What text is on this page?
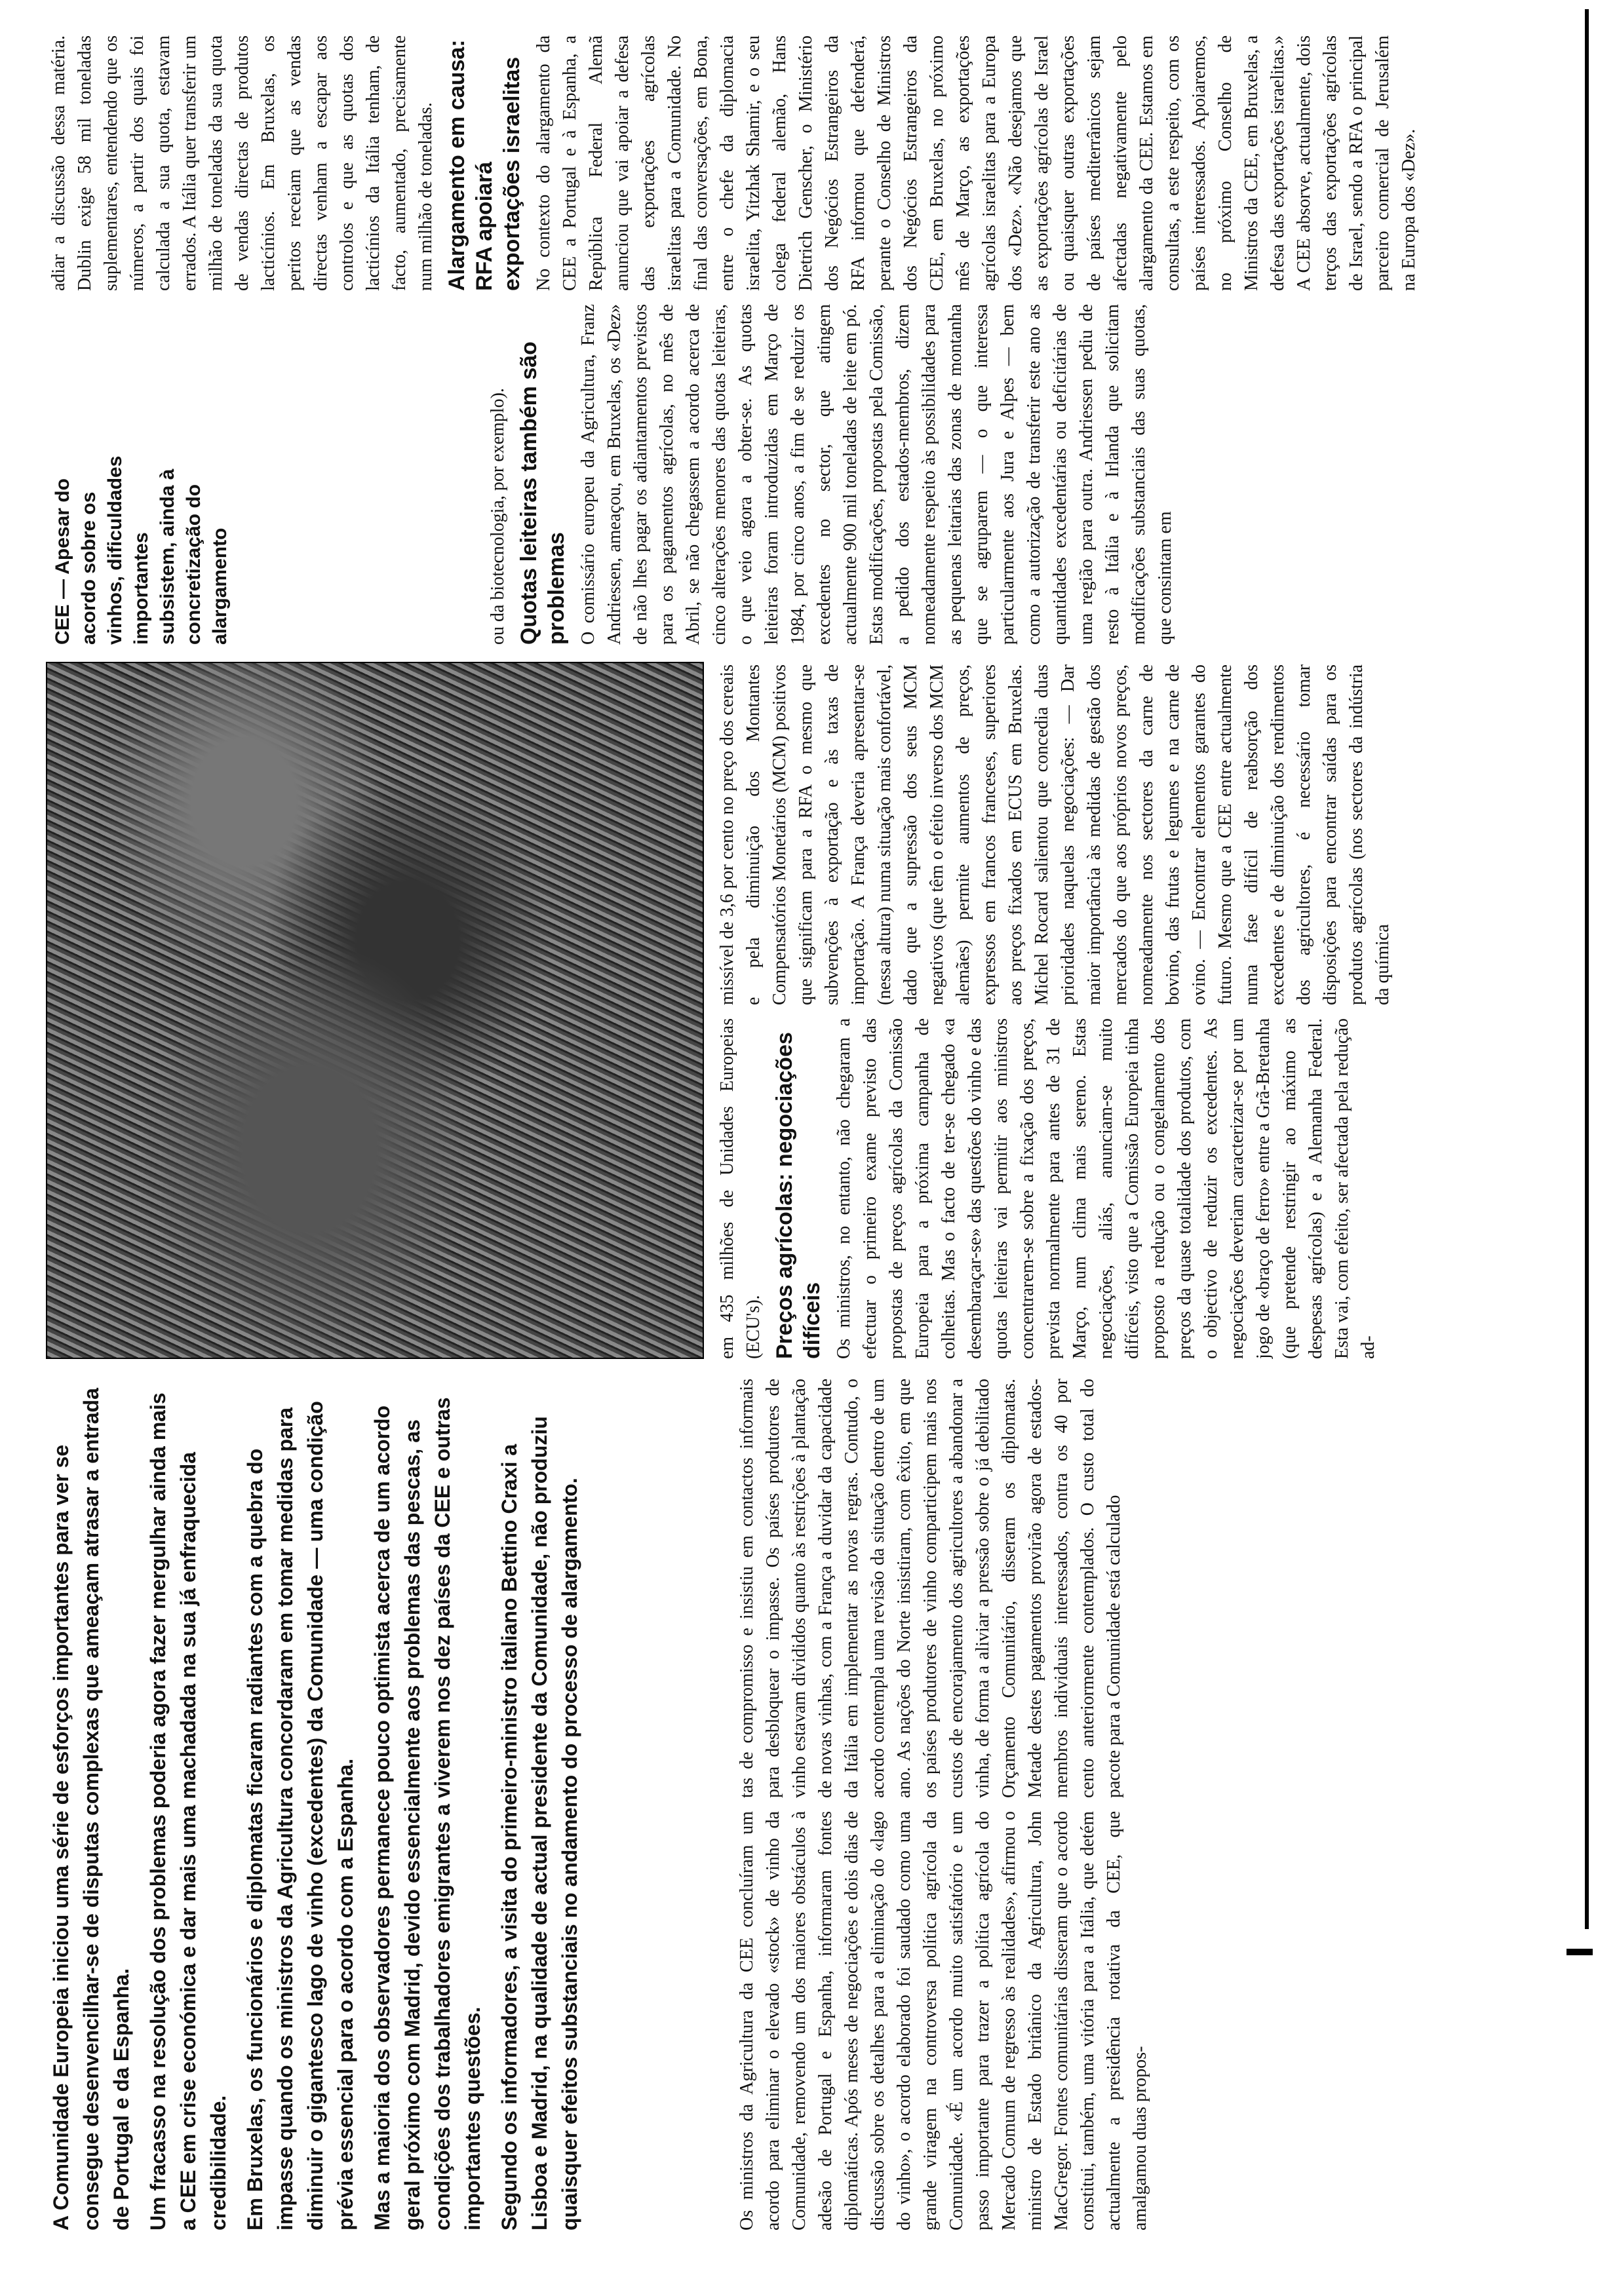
A Comunidade Europeia iniciou uma série de esforços importantes para ver se consegue desenvencilhar-se de disputas complexas que ameaçam atrasar a entrada de Portugal e da Espanha. Um fracasso na resolução dos problemas poderia agora fazer mergulhar ainda mais a CEE em crise económica e dar mais uma machadada na sua já enfraquecida credibilidade. Em Bruxelas, os funcionários e diplomatas ficaram radiantes com a quebra do impasse quando os ministros da Agricultura concordaram em tomar medidas para diminuir o gigantesco lago de vinho (excedentes) da Comunidade — uma condição prévia essencial para o acordo com a Espanha. Mas a maioria dos observadores permanece pouco optimista acerca de um acordo geral próximo com Madrid, devido essencialmente aos problemas das pescas, as condições dos trabalhadores emigrantes a viverem nos dez países da CEE e outras importantes questões. Segundo os informadores, a visita do primeiro-ministro italiano Bettino Craxi a Lisboa e Madrid, na qualidade de actual presidente da Comunidade, não produziu quaisquer efeitos substanciais no andamento do processo de alargamento.	Os ministros da Agricultura da CEE concluíram um acordo para eliminar o elevado «stock» de vinho da Comunidade, removendo um dos maiores obstáculos à adesão de Portugal e Espanha, informaram fontes diplomáticas. Após meses de negociações e dois dias de discussão sobre os detalhes para a eliminação do «lago do vinho», o acordo elaborado foi saudado como uma grande viragem na controversa política agrícola da Comunidade. «É um acordo muito satisfatório e um passo importante para trazer a política agrícola do Mercado Comum de regresso às realidades», afirmou o ministro de Estado britânico da Agricultura, John MacGregor. Fontes comunitárias disseram que o acordo constitui, também, uma vitória para a Itália, que detém actualmente a presidência rotativa da CEE, que amalgamou duas propos-

tas de compromisso e insistiu em contactos informais para desbloquear o impasse. Os países produtores de vinho estavam divididos quanto às restrições à plantação de novas vinhas, com a França a duvidar da capacidade da Itália em implementar as novas regras. Contudo, o acordo contempla uma revisão da situação dentro de um ano. As nações do Norte insistiram, com êxito, em que os países produtores de vinho comparticipem mais nos custos de encorajamento dos agricultores a abandonar a vinha, de forma a aliviar a pressão sobre o já debilitado Orçamento Comunitário, disseram os diplomatas. Metade destes pagamentos provirão agora de estados-membros individuais interessados, contra os 40 por cento anteriormente contemplados. O custo total do pacote para a Comunidade está calculado

em 435 milhões de Unidades Europeias (ECU's). Preços agrícolas: negociações difíceis Os ministros, no entanto, não chegaram a efectuar o primeiro exame previsto das propostas de preços agrícolas da Comissão Europeia para a próxima campanha de colheitas. Mas o facto de ter-se chegado «a desembaraçar-se» das questões do vinho e das quotas leiteiras vai permitir aos ministros concentrarem-se sobre a fixação dos preços, prevista normalmente para antes de 31 de Março, num clima mais sereno. Estas negociações, aliás, anunciam-se muito difíceis, visto que a Comissão Europeia tinha proposto a redução ou o congelamento dos preços da quase totalidade dos produtos, com o objectivo de reduzir os excedentes. As negociações deveriam caracterizar-se por um jogo de «braço de ferro» entre a Grã-Bretanha (que pretende restringir ao máximo as despesas agrícolas) e a Alemanha Federal. Esta vai, com efeito, ser afectada pela redução ad-

missível de 3,6 por cento no preço dos cereais e pela diminuição dos Montantes Compensatórios Monetários (MCM) positivos que significam para a RFA o mesmo que subvenções à exportação e às taxas de importação. A França deveria apresentar-se (nessa altura) numa situação mais confortável, dado que a supressão dos seus MCM negativos (que têm o efeito inverso dos MCM alemães) permite aumentos de preços, expressos em francos franceses, superiores aos preços fixados em ECUS em Bruxelas. Michel Rocard salientou que concedia duas prioridades naquelas negociações: — Dar maior importância às medidas de gestão dos mercados do que aos próprios novos preços, nomeadamente nos sectores da carne de bovino, das frutas e legumes e na carne de ovino. — Encontrar elementos garantes do futuro. Mesmo que a CEE entre actualmente numa fase difícil de reabsorção dos excedentes e de diminuição dos rendimentos dos agricultores, é necessário tomar disposições para encontrar saídas para os produtos agrícolas (nos sectores da indústria da química

CEE — Apesar do acordo sobre os vinhos, dificuldades importantes subsistem, ainda à concretização do alargamento	ou da biotecnologia, por exemplo). Quotas leiteiras também são problemas O comissário europeu da Agricultura, Franz Andriessen, ameaçou, em Bruxelas, os «Dez» de não lhes pagar os adiantamentos previstos para os pagamentos agrícolas, no mês de Abril, se não chegassem a acordo acerca de cinco alterações menores das quotas leiteiras, o que veio agora a obter-se. As quotas leiteiras foram introduzidas em Março de 1984, por cinco anos, a fim de se reduzir os excedentes no sector, que atingem actualmente 900 mil toneladas de leite em pó. Estas modificações, propostas pela Comissão, a pedido dos estados-membros, dizem nomeadamente respeito às possibilidades para as pequenas leitarias das zonas de montanha que se agruparem — o que interessa particularmente aos Jura e Alpes — bem como a autorização de transferir este ano as quantidades excedentárias ou deficitárias de uma região para outra. Andriessen pediu de resto à Itália e à Irlanda que solicitam modificações substanciais das suas quotas, que consintam em

adiar a discussão dessa matéria. Dublin exige 58 mil toneladas suplementares, entendendo que os números, a partir dos quais foi calculada a sua quota, estavam errados. A Itália quer transferir um milhão de toneladas da sua quota de vendas directas de produtos lacticínios. Em Bruxelas, os peritos receiam que as vendas directas venham a escapar aos controlos e que as quotas dos lacticínios da Itália tenham, de facto, aumentado, precisamente num milhão de toneladas. Alargamento em causa: RFA apoiará exportações israelitas No contexto do alargamento da CEE a Portugal e à Espanha, a República Federal Alemã anunciou que vai apoiar a defesa das exportações agrícolas israelitas para a Comunidade. No final das conversações, em Bona, entre o chefe da diplomacia israelita, Yitzhak Shamir, e o seu colega federal alemão, Hans Dietrich Genscher, o Ministério dos Negócios Estrangeiros da RFA informou que defenderá, perante o Conselho de Ministros dos Negócios Estrangeiros da CEE, em Bruxelas, no próximo mês de Março, as exportações agrícolas israelitas para a Europa dos «Dez». «Não desejamos que as exportações agrícolas de Israel ou quaisquer outras exportações de países mediterrânicos sejam afectadas negativamente pelo alargamento da CEE. Estamos em consultas, a este respeito, com os países interessados. Apoiaremos, no próximo Conselho de Ministros da CEE, em Bruxelas, a defesa das exportações israelitas.» A CEE absorve, actualmente, dois terços das exportações agrícolas de Israel, sendo a RFA o principal parceiro comercial de Jerusalém na Europa dos «Dez».
